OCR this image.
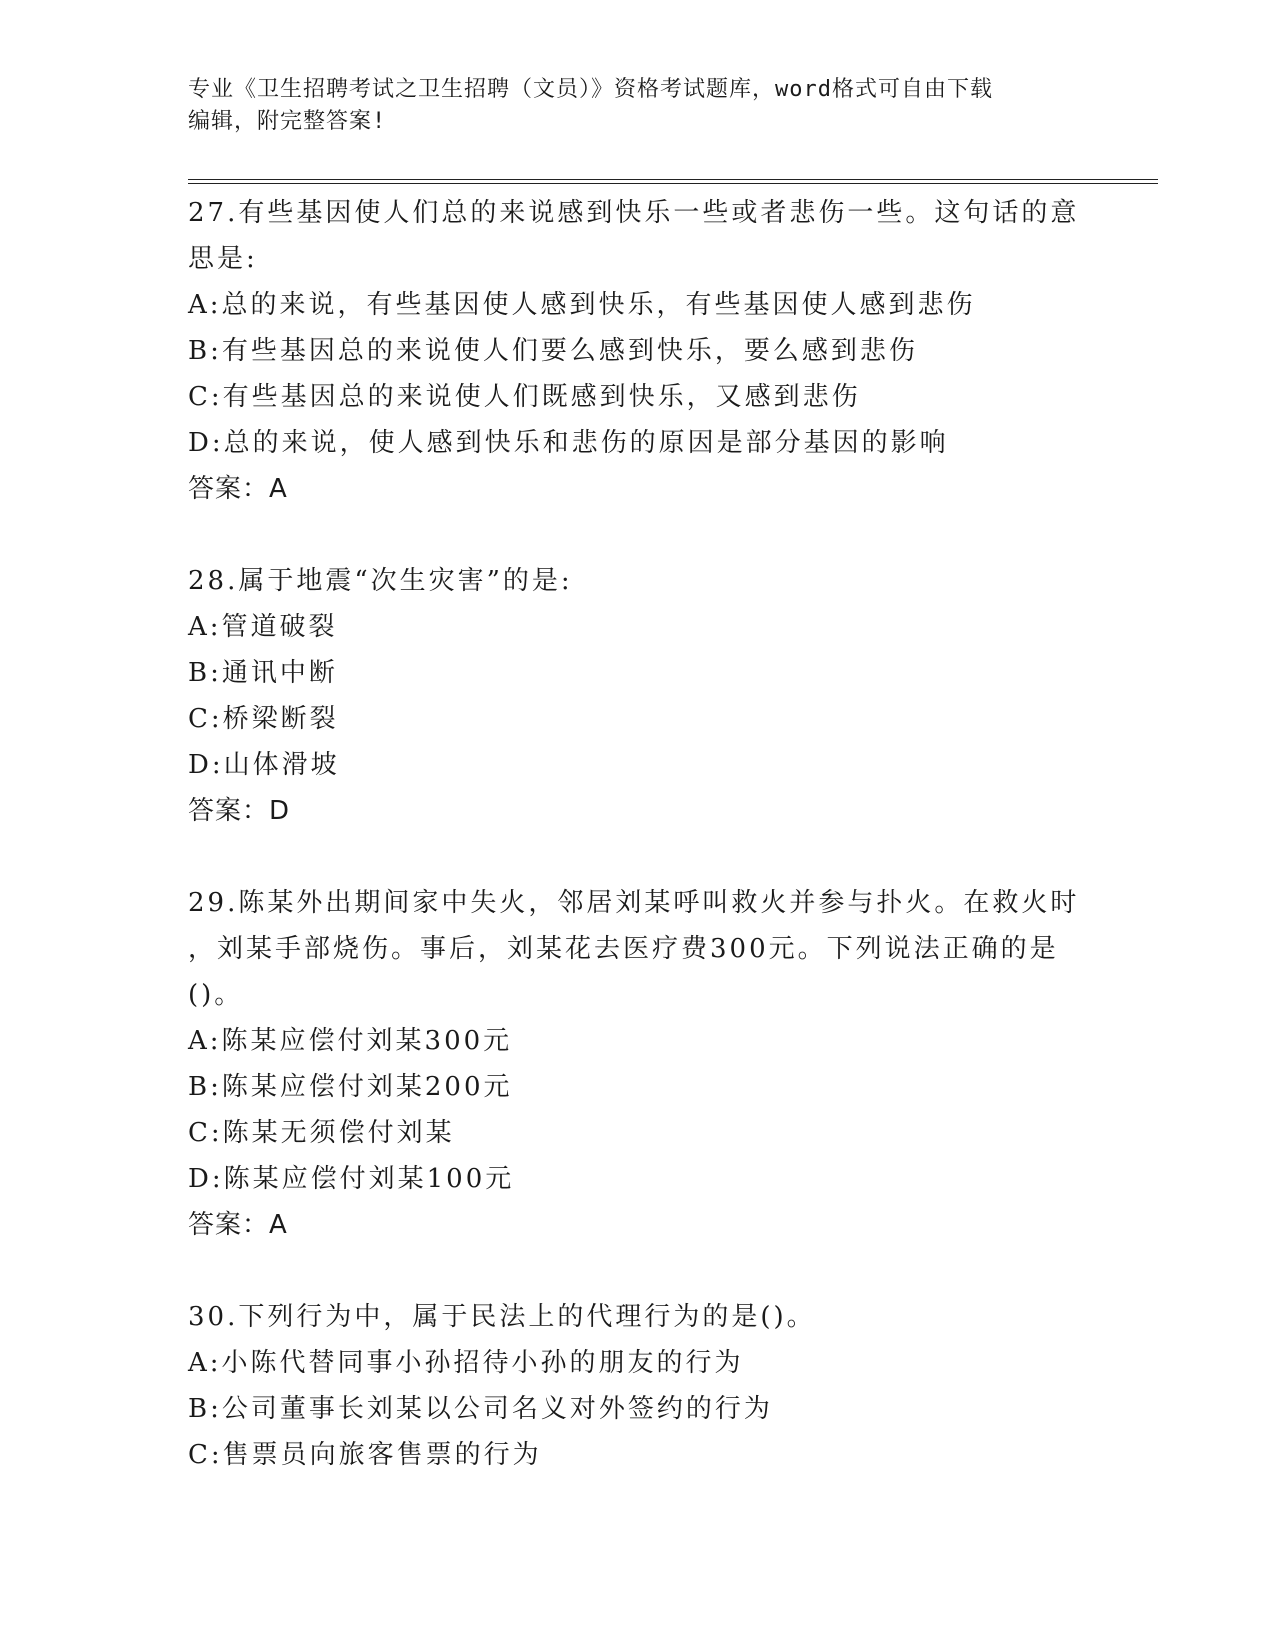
专业《卫生招聘考试之卫生招聘（文员）》资格考试题库，word格式可自由下载
编辑，附完整答案!
27.有些基因使人们总的来说感到快乐一些或者悲伤一些。这句话的意
思是:
A:总的来说，有些基因使人感到快乐，有些基因使人感到悲伤
B:有些基因总的来说使人们要么感到快乐，要么感到悲伤
C:有些基因总的来说使人们既感到快乐，又感到悲伤
D:总的来说，使人感到快乐和悲伤的原因是部分基因的影响
答案：A
28.属于地震“次生灾害”的是:
A:管道破裂
B:通讯中断
C:桥梁断裂
D:山体滑坡
答案：D
29.陈某外出期间家中失火，邻居刘某呼叫救火并参与扑火。在救火时
，刘某手部烧伤。事后，刘某花去医疗费300元。下列说法正确的是
()。
A:陈某应偿付刘某300元
B:陈某应偿付刘某200元
C:陈某无须偿付刘某
D:陈某应偿付刘某100元
答案：A
30.下列行为中，属于民法上的代理行为的是()。
A:小陈代替同事小孙招待小孙的朋友的行为
B:公司董事长刘某以公司名义对外签约的行为
C:售票员向旅客售票的行为
